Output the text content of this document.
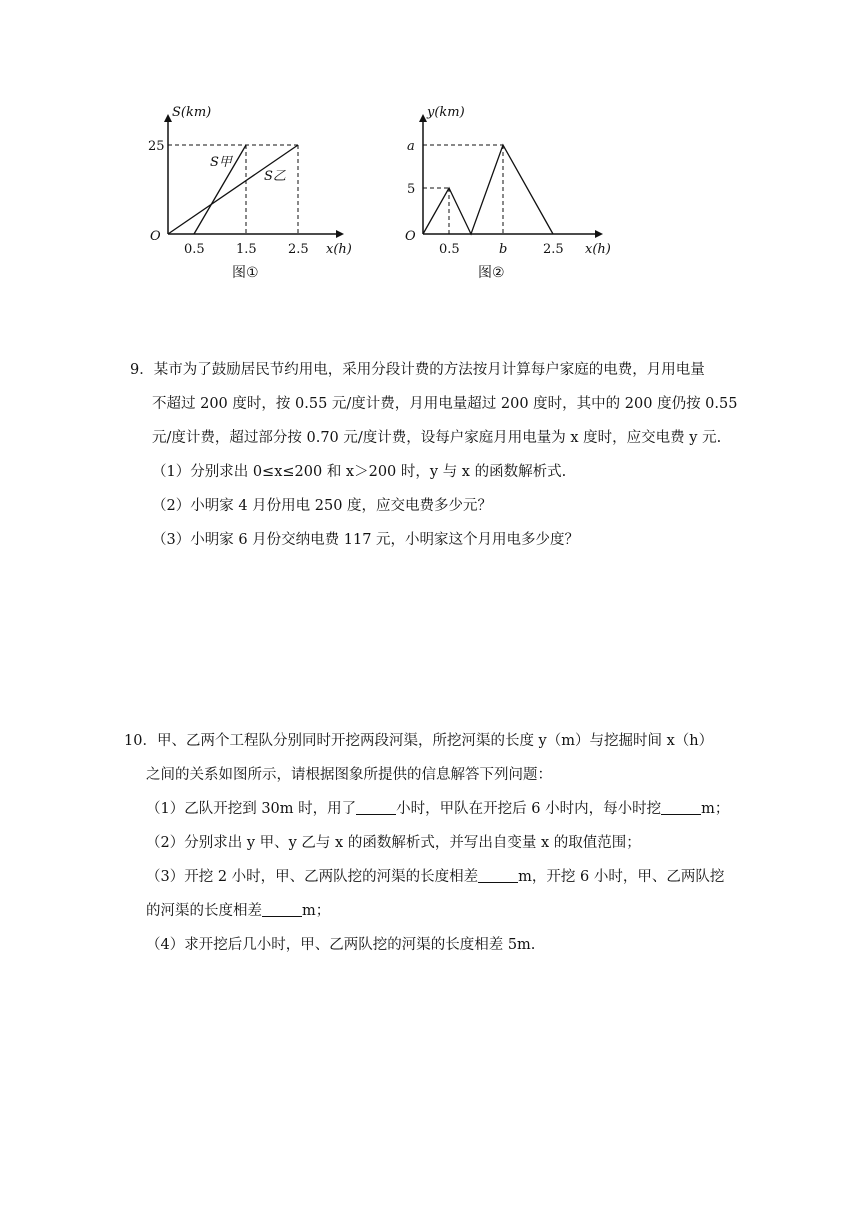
S(km)
x(h)
O
25
0.5 1.5 2.5
S甲
S乙
图①
y(km)
x(h)
O
a
5
0.5	b	2.5
图②

9．某市为了鼓励居民节约用电，采用分段计费的方法按月计算每户家庭的电费，月用电量

不超过 200 度时，按 0.55 元/度计费，月用电量超过 200 度时，其中的 200 度仍按 0.55

元/度计费，超过部分按 0.70 元/度计费，设每户家庭月用电量为 x 度时，应交电费 y 元.

（1）分别求出 0≤x≤200 和 x＞200 时，y 与 x 的函数解析式.

（2）小明家 4 月份用电 250 度，应交电费多少元？

（3）小明家 6 月份交纳电费 117 元，小明家这个月用电多少度？

10．甲、乙两个工程队分别同时开挖两段河渠，所挖河渠的长度 y（m）与挖掘时间 x（h）

之间的关系如图所示，请根据图象所提供的信息解答下列问题：

（1）乙队开挖到 30m 时，用了	小时，甲队在开挖后 6 小时内，每小时挖	m；

（2）分别求出 y 甲、y 乙与 x 的函数解析式，并写出自变量 x 的取值范围；

（3）开挖 2 小时，甲、乙两队挖的河渠的长度相差	m，开挖 6 小时，甲、乙两队挖

的河渠的长度相差	m；

（4）求开挖后几小时，甲、乙两队挖的河渠的长度相差 5m.
